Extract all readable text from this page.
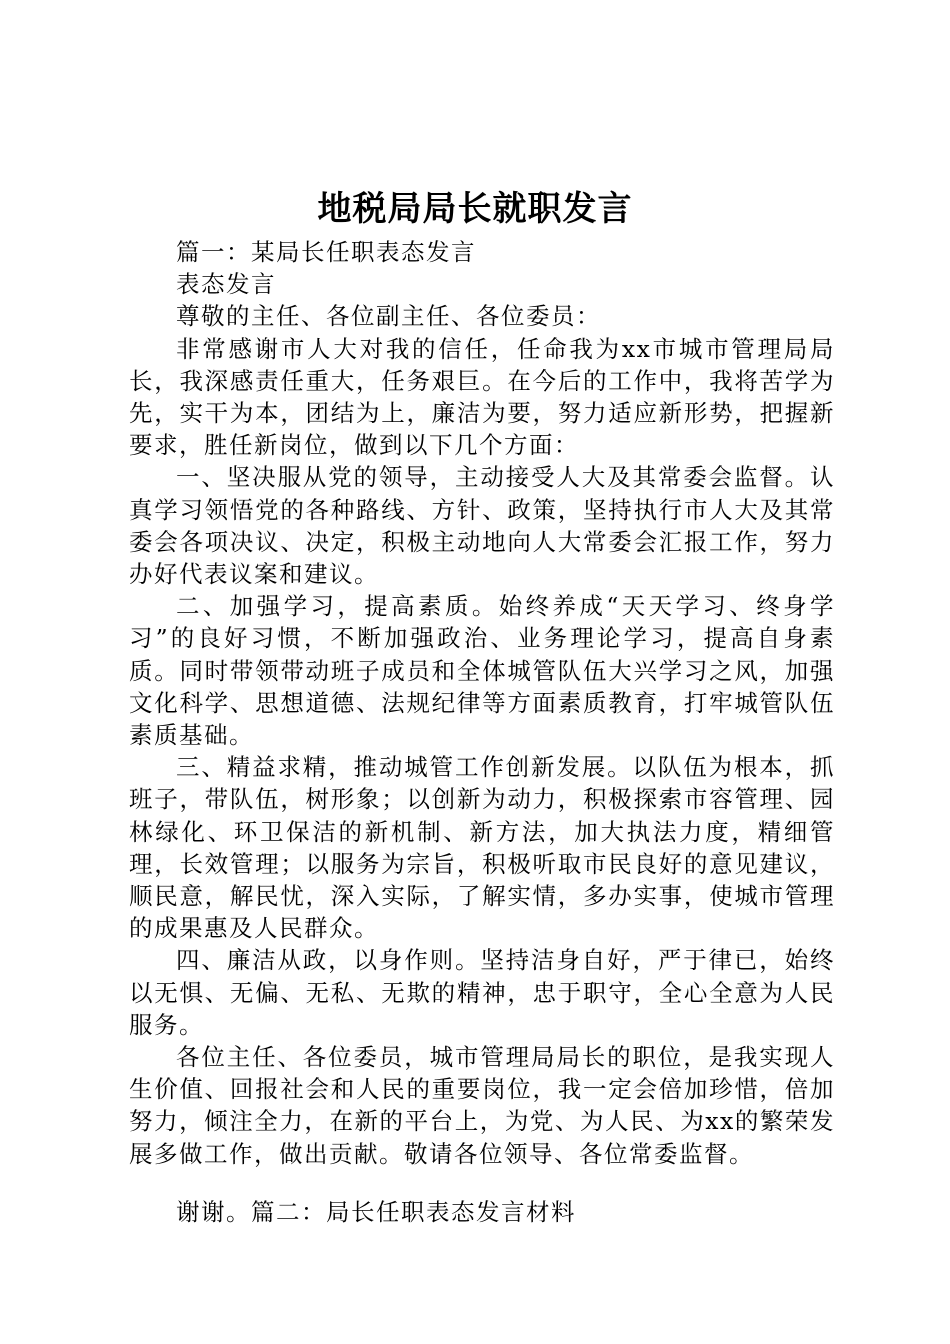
地税局局长就职发言

篇一：某局长任职表态发言

表态发言

尊敬的主任、各位副主任、各位委员：

非常感谢市人大对我的信任，任命我为xx市城市管理局局长，我深感责任重大，任务艰巨。在今后的工作中，我将苦学为先，实干为本，团结为上，廉洁为要，努力适应新形势，把握新要求，胜任新岗位，做到以下几个方面：

一、坚决服从党的领导，主动接受人大及其常委会监督。认真学习领悟党的各种路线、方针、政策，坚持执行市人大及其常委会各项决议、决定，积极主动地向人大常委会汇报工作，努力办好代表议案和建议。

二、加强学习，提高素质。始终养成“天天学习、终身学习”的良好习惯，不断加强政治、业务理论学习，提高自身素质。同时带领带动班子成员和全体城管队伍大兴学习之风，加强文化科学、思想道德、法规纪律等方面素质教育，打牢城管队伍素质基础。

三、精益求精，推动城管工作创新发展。以队伍为根本，抓班子，带队伍，树形象；以创新为动力，积极探索市容管理、园林绿化、环卫保洁的新机制、新方法，加大执法力度，精细管理，长效管理；以服务为宗旨，积极听取市民良好的意见建议，顺民意，解民忧，深入实际，了解实情，多办实事，使城市管理的成果惠及人民群众。

四、廉洁从政，以身作则。坚持洁身自好，严于律已，始终以无惧、无偏、无私、无欺的精神，忠于职守，全心全意为人民服务。

各位主任、各位委员，城市管理局局长的职位，是我实现人生价值、回报社会和人民的重要岗位，我一定会倍加珍惜，倍加努力，倾注全力，在新的平台上，为党、为人民、为xx的繁荣发展多做工作，做出贡献。敬请各位领导、各位常委监督。

谢谢。篇二：局长任职表态发言材料
